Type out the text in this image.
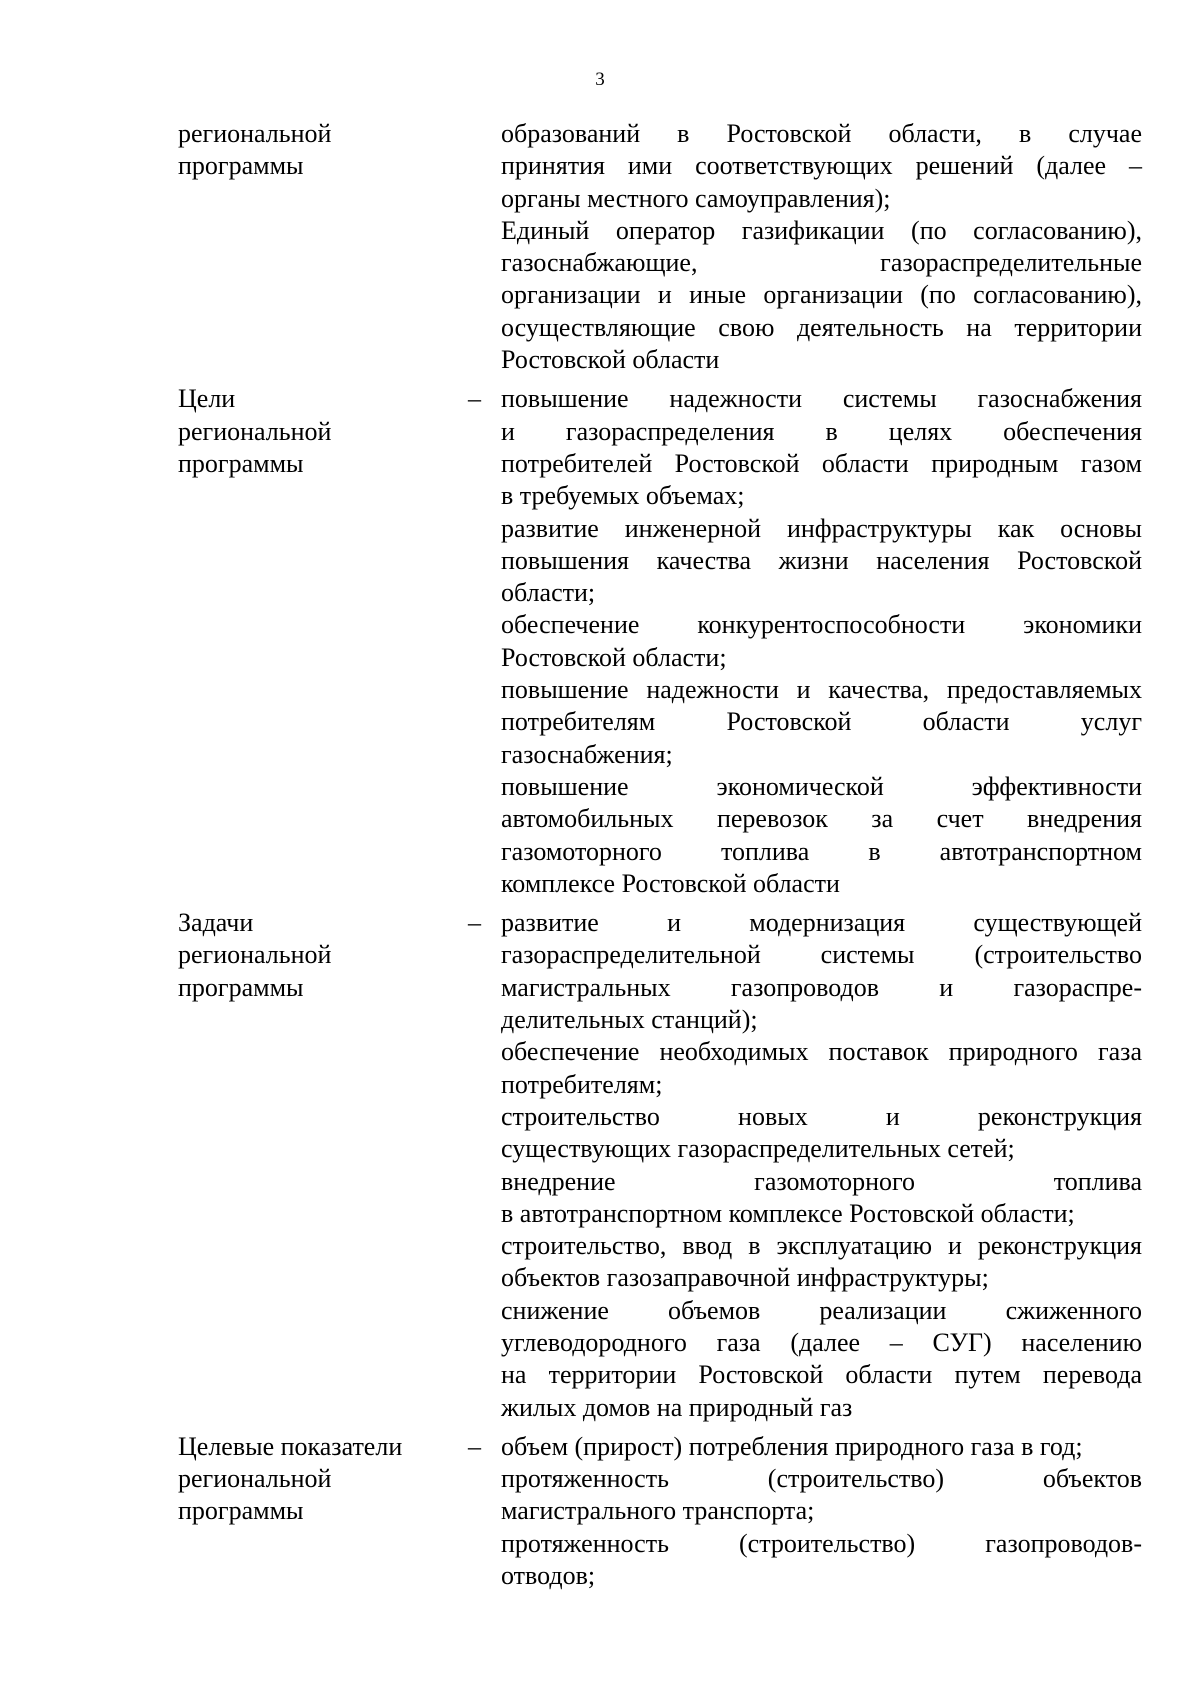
3
региональной
программы
образований в Ростовской области, в случае
принятия ими соответствующих решений (далее –
органы местного самоуправления);
Единый оператор газификации (по согласованию),
газоснабжающие, газораспределительные
организации и иные организации (по согласованию),
осуществляющие свою деятельность на территории
Ростовской области
Цели
региональной
программы
– повышение надежности системы газоснабжения
и газораспределения в целях обеспечения
потребителей Ростовской области природным газом
в требуемых объемах;
развитие инженерной инфраструктуры как основы
повышения качества жизни населения Ростовской
области;
обеспечение конкурентоспособности экономики
Ростовской области;
повышение надежности и качества, предоставляемых
потребителям Ростовской области услуг
газоснабжения;
повышение экономической эффективности
автомобильных перевозок за счет внедрения
газомоторного топлива в автотранспортном
комплексе Ростовской области
Задачи
региональной
программы
– развитие и модернизация существующей
газораспределительной системы (строительство
магистральных газопроводов и газораспре-
делительных станций);
обеспечение необходимых поставок природного газа
потребителям;
строительство новых и реконструкция
существующих газораспределительных сетей;
внедрение газомоторного топлива
в автотранспортном комплексе Ростовской области;
строительство, ввод в эксплуатацию и реконструкция
объектов газозаправочной инфраструктуры;
снижение объемов реализации сжиженного
углеводородного газа (далее – СУГ) населению
на территории Ростовской области путем перевода
жилых домов на природный газ
Целевые показатели
региональной
программы
– объем (прирост) потребления природного газа в год;
протяженность (строительство) объектов
магистрального транспорта;
протяженность (строительство) газопроводов-
отводов;
